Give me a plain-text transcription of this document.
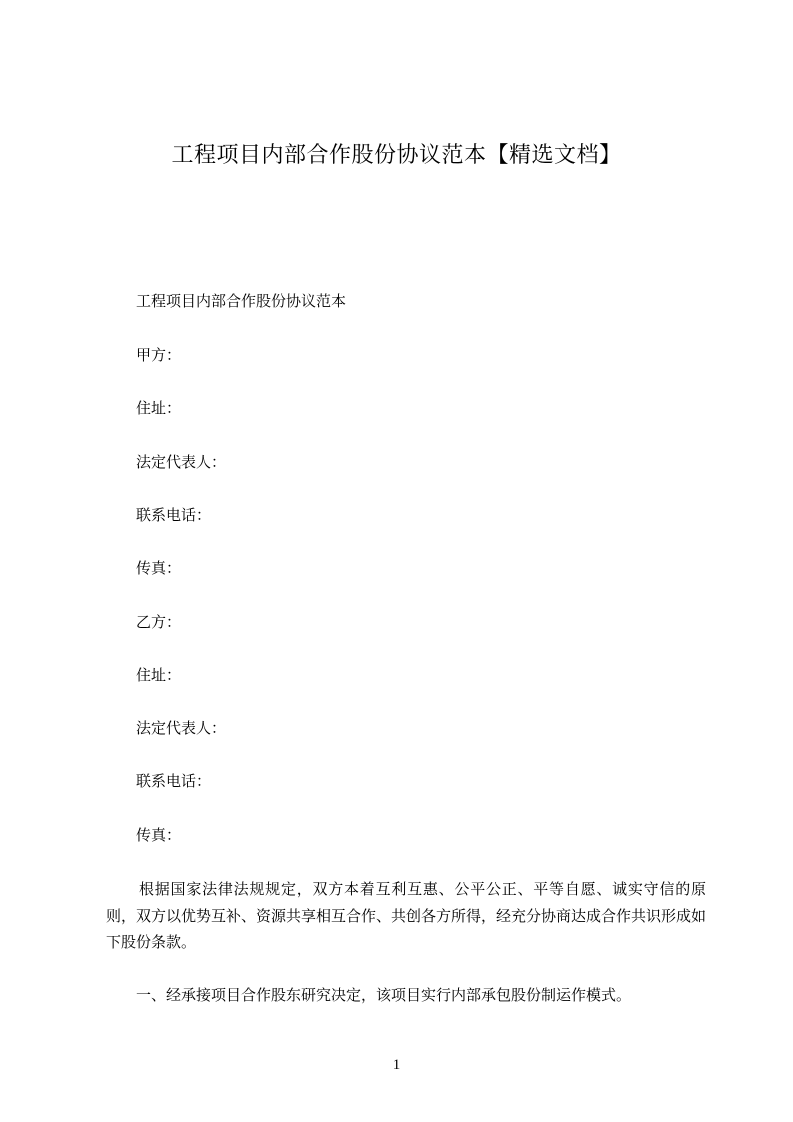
工程项目内部合作股份协议范本【精选文档】

工程项目内部合作股份协议范本

甲方：

住址：

法定代表人：

联系电话：

传真：

乙方：

住址：

法定代表人：

联系电话：

传真：

根据国家法律法规规定，双方本着互利互惠、公平公正、平等自愿、诚实守信的原则，双方以优势互补、资源共享相互合作、共创各方所得，经充分协商达成合作共识形成如下股份条款。

一、经承接项目合作股东研究决定，该项目实行内部承包股份制运作模式。

1
